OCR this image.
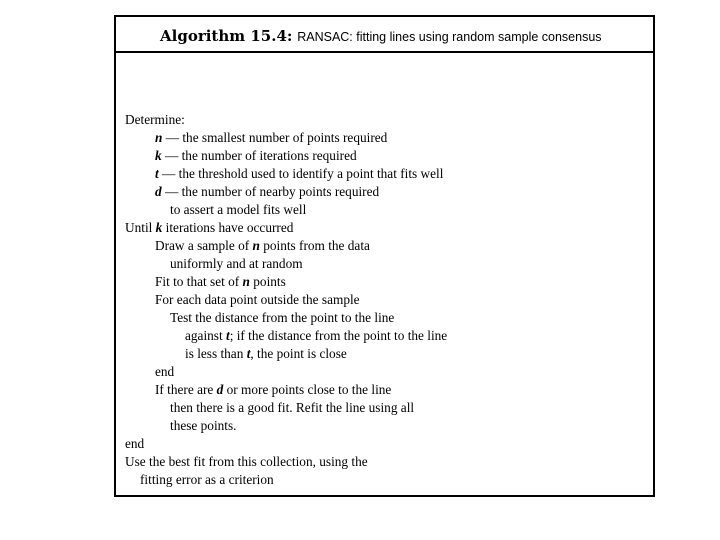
Algorithm 15.4: RANSAC: fitting lines using random sample consensus
Determine:
n — the smallest number of points required
k — the number of iterations required
t — the threshold used to identify a point that fits well
d — the number of nearby points required
to assert a model fits well
Until k iterations have occurred
Draw a sample of n points from the data
uniformly and at random
Fit to that set of n points
For each data point outside the sample
Test the distance from the point to the line
against t; if the distance from the point to the line
is less than t, the point is close
end
If there are d or more points close to the line
then there is a good fit. Refit the line using all
these points.
end
Use the best fit from this collection, using the
fitting error as a criterion
